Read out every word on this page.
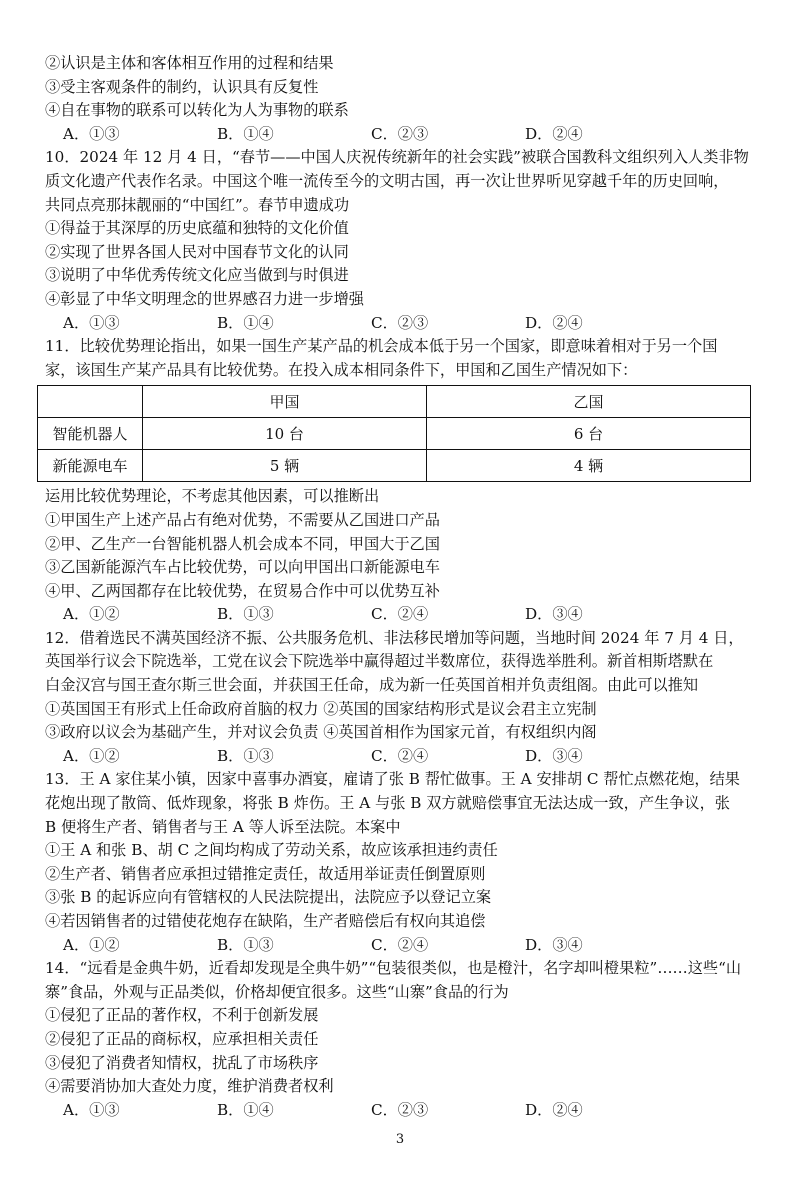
②认识是主体和客体相互作用的过程和结果
③受主客观条件的制约，认识具有反复性
④自在事物的联系可以转化为人为事物的联系
A．①③	B．①④	C．②③	D．②④
10．2024 年 12 月 4 日，“春节——中国人庆祝传统新年的社会实践”被联合国教科文组织列入人类非物
质文化遗产代表作名录。中国这个唯一流传至今的文明古国，再一次让世界听见穿越千年的历史回响，
共同点亮那抹靓丽的“中国红”。春节申遗成功
①得益于其深厚的历史底蕴和独特的文化价值
②实现了世界各国人民对中国春节文化的认同
③说明了中华优秀传统文化应当做到与时俱进
④彰显了中华文明理念的世界感召力进一步增强
A．①③	B．①④	C．②③	D．②④
11．比较优势理论指出，如果一国生产某产品的机会成本低于另一个国家，即意味着相对于另一个国
家，该国生产某产品具有比较优势。在投入成本相同条件下，甲国和乙国生产情况如下：
	甲国	乙国
智能机器人	10 台	6 台
新能源电车	5 辆	4 辆
运用比较优势理论，不考虑其他因素，可以推断出
①甲国生产上述产品占有绝对优势，不需要从乙国进口产品
②甲、乙生产一台智能机器人机会成本不同，甲国大于乙国
③乙国新能源汽车占比较优势，可以向甲国出口新能源电车
④甲、乙两国都存在比较优势，在贸易合作中可以优势互补
A．①②	B．①③	C．②④	D．③④
12．借着选民不满英国经济不振、公共服务危机、非法移民增加等问题，当地时间 2024 年 7 月 4 日，
英国举行议会下院选举，工党在议会下院选举中赢得超过半数席位，获得选举胜利。新首相斯塔默在
白金汉宫与国王查尔斯三世会面，并获国王任命，成为新一任英国首相并负责组阁。由此可以推知
①英国国王有形式上任命政府首脑的权力 ②英国的国家结构形式是议会君主立宪制
③政府以议会为基础产生，并对议会负责 ④英国首相作为国家元首，有权组织内阁
A．①②	B．①③	C．②④	D．③④
13．王 A 家住某小镇，因家中喜事办酒宴，雇请了张 B 帮忙做事。王 A 安排胡 C 帮忙点燃花炮，结果
花炮出现了散筒、低炸现象，将张 B 炸伤。王 A 与张 B 双方就赔偿事宜无法达成一致，产生争议，张
B 便将生产者、销售者与王 A 等人诉至法院。本案中
①王 A 和张 B、胡 C 之间均构成了劳动关系，故应该承担违约责任
②生产者、销售者应承担过错推定责任，故适用举证责任倒置原则
③张 B 的起诉应向有管辖权的人民法院提出，法院应予以登记立案
④若因销售者的过错使花炮存在缺陷，生产者赔偿后有权向其追偿
A．①②	B．①③	C．②④	D．③④
14．“远看是金典牛奶，近看却发现是全典牛奶”“包装很类似，也是橙汁，名字却叫橙果粒”……这些“山
寨”食品，外观与正品类似，价格却便宜很多。这些“山寨”食品的行为
①侵犯了正品的著作权，不利于创新发展
②侵犯了正品的商标权，应承担相关责任
③侵犯了消费者知情权，扰乱了市场秩序
④需要消协加大查处力度，维护消费者权利
A．①③	B．①④	C．②③	D．②④
3
